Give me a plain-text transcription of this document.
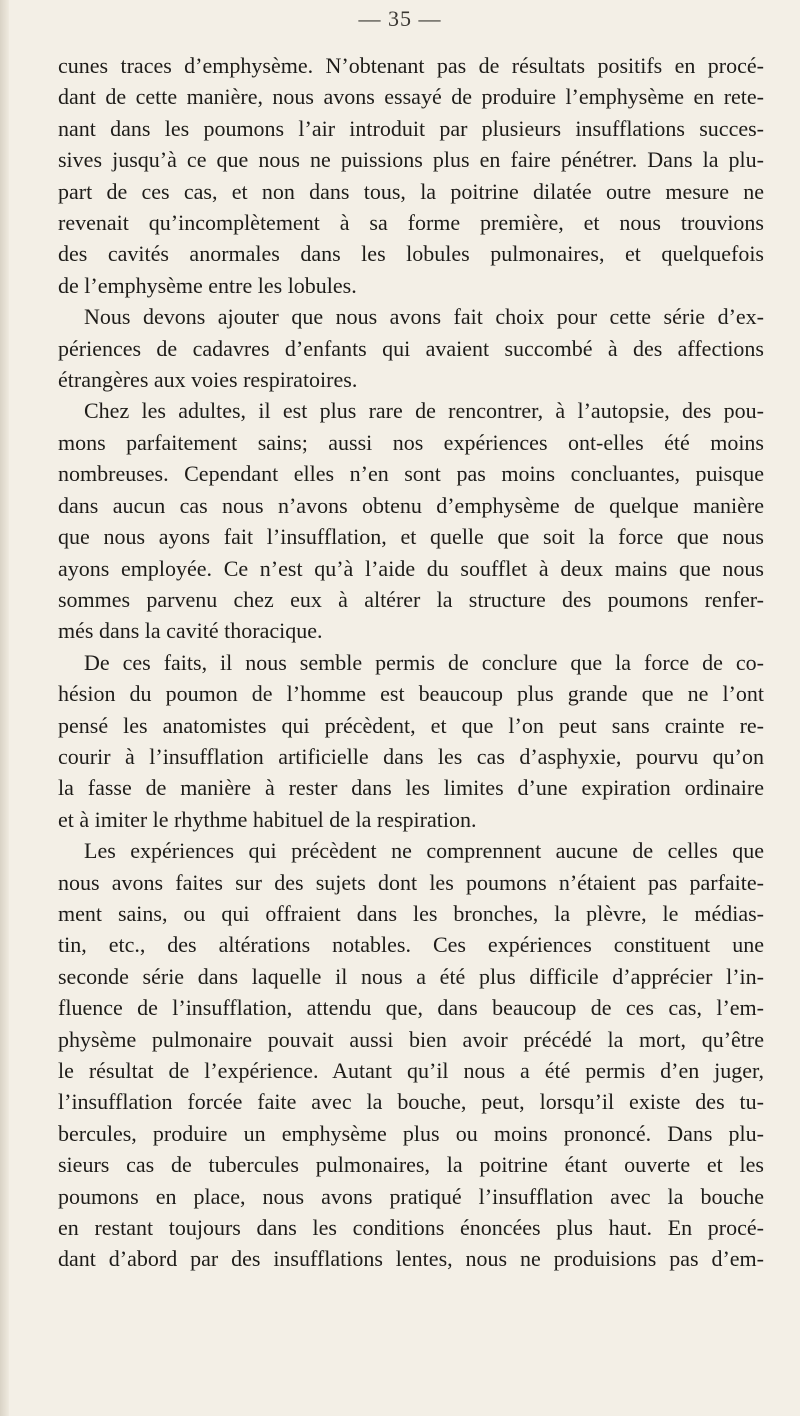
— 35 —
cunes traces d’emphysème. N’obtenant pas de résultats positifs en procé-
dant de cette manière, nous avons essayé de produire l’emphysème en rete-
nant dans les poumons l’air introduit par plusieurs insufflations succes-
sives jusqu’à ce que nous ne puissions plus en faire pénétrer. Dans la plu-
part de ces cas, et non dans tous, la poitrine dilatée outre mesure ne
revenait qu’incomplètement à sa forme première, et nous trouvions
des cavités anormales dans les lobules pulmonaires, et quelquefois
de l’emphysème entre les lobules.
Nous devons ajouter que nous avons fait choix pour cette série d’ex-
périences de cadavres d’enfants qui avaient succombé à des affections
étrangères aux voies respiratoires.
Chez les adultes, il est plus rare de rencontrer, à l’autopsie, des pou-
mons parfaitement sains; aussi nos expériences ont-elles été moins
nombreuses. Cependant elles n’en sont pas moins concluantes, puisque
dans aucun cas nous n’avons obtenu d’emphysème de quelque manière
que nous ayons fait l’insufflation, et quelle que soit la force que nous
ayons employée. Ce n’est qu’à l’aide du soufflet à deux mains que nous
sommes parvenu chez eux à altérer la structure des poumons renfer-
més dans la cavité thoracique.
De ces faits, il nous semble permis de conclure que la force de co-
hésion du poumon de l’homme est beaucoup plus grande que ne l’ont
pensé les anatomistes qui précèdent, et que l’on peut sans crainte re-
courir à l’insufflation artificielle dans les cas d’asphyxie, pourvu qu’on
la fasse de manière à rester dans les limites d’une expiration ordinaire
et à imiter le rhythme habituel de la respiration.
Les expériences qui précèdent ne comprennent aucune de celles que
nous avons faites sur des sujets dont les poumons n’étaient pas parfaite-
ment sains, ou qui offraient dans les bronches, la plèvre, le médias-
tin, etc., des altérations notables. Ces expériences constituent une
seconde série dans laquelle il nous a été plus difficile d’apprécier l’in-
fluence de l’insufflation, attendu que, dans beaucoup de ces cas, l’em-
physème pulmonaire pouvait aussi bien avoir précédé la mort, qu’être
le résultat de l’expérience. Autant qu’il nous a été permis d’en juger,
l’insufflation forcée faite avec la bouche, peut, lorsqu’il existe des tu-
bercules, produire un emphysème plus ou moins prononcé. Dans plu-
sieurs cas de tubercules pulmonaires, la poitrine étant ouverte et les
poumons en place, nous avons pratiqué l’insufflation avec la bouche
en restant toujours dans les conditions énoncées plus haut. En procé-
dant d’abord par des insufflations lentes, nous ne produisions pas d’em-
